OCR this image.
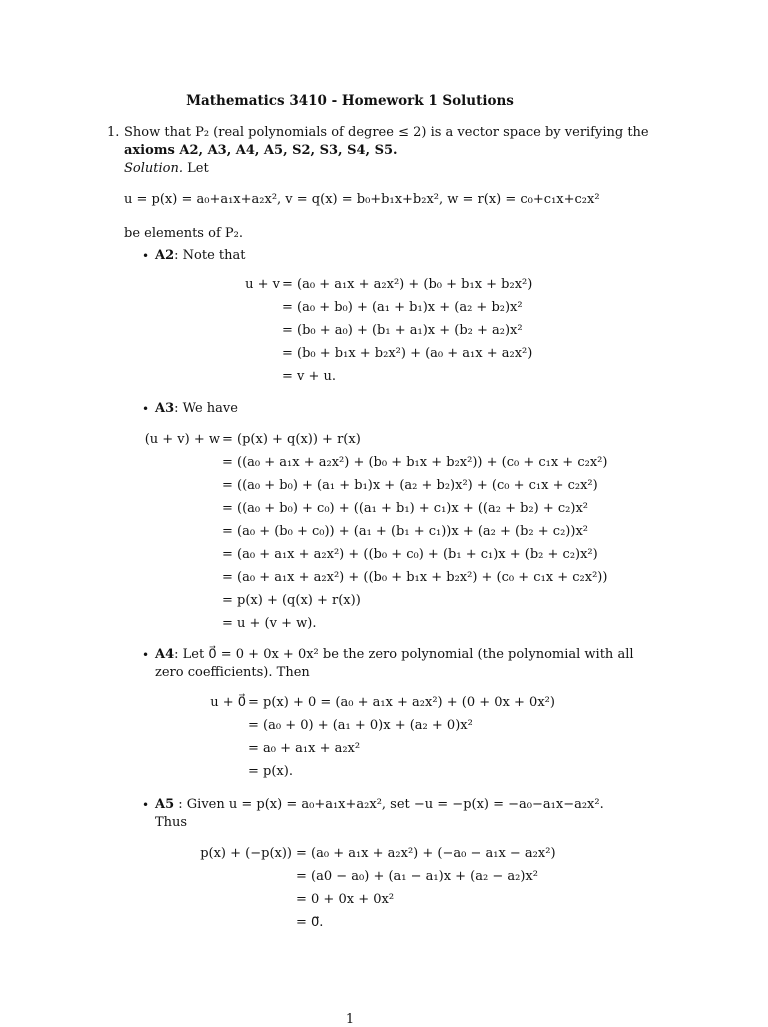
Mathematics 3410 - Homework 1 Solutions
1. Show that P₂ (real polynomials of degree ≤ 2) is a vector space by verifying the
axioms A2, A3, A4, A5, S2, S3, S4, S5.
Solution. Let
u = p(x) = a₀+a₁x+a₂x², v = q(x) = b₀+b₁x+b₂x², w = r(x) = c₀+c₁x+c₂x²
be elements of P₂.
• A2: Note that
u + v = (a₀ + a₁x + a₂x²) + (b₀ + b₁x + b₂x²)
= (a₀ + b₀) + (a₁ + b₁)x + (a₂ + b₂)x²
= (b₀ + a₀) + (b₁ + a₁)x + (b₂ + a₂)x²
= (b₀ + b₁x + b₂x²) + (a₀ + a₁x + a₂x²)
= v + u.
• A3: We have
(u + v) + w = (p(x) + q(x)) + r(x)
= ((a₀ + a₁x + a₂x²) + (b₀ + b₁x + b₂x²)) + (c₀ + c₁x + c₂x²)
= ((a₀ + b₀) + (a₁ + b₁)x + (a₂ + b₂)x²) + (c₀ + c₁x + c₂x²)
= ((a₀ + b₀) + c₀) + ((a₁ + b₁) + c₁)x + ((a₂ + b₂) + c₂)x²
= (a₀ + (b₀ + c₀)) + (a₁ + (b₁ + c₁))x + (a₂ + (b₂ + c₂))x²
= (a₀ + a₁x + a₂x²) + ((b₀ + c₀) + (b₁ + c₁)x + (b₂ + c₂)x²)
= (a₀ + a₁x + a₂x²) + ((b₀ + b₁x + b₂x²) + (c₀ + c₁x + c₂x²))
= p(x) + (q(x) + r(x))
= u + (v + w).
• A4: Let 0⃗ = 0 + 0x + 0x² be the zero polynomial (the polynomial with all
zero coefficients). Then
u + 0⃗ = p(x) + 0 = (a₀ + a₁x + a₂x²) + (0 + 0x + 0x²)
= (a₀ + 0) + (a₁ + 0)x + (a₂ + 0)x²
= a₀ + a₁x + a₂x²
= p(x).
• A5 : Given u = p(x) = a₀+a₁x+a₂x², set −u = −p(x) = −a₀−a₁x−a₂x².
Thus
p(x) + (−p(x)) = (a₀ + a₁x + a₂x²) + (−a₀ − a₁x − a₂x²)
= (a0 − a₀) + (a₁ − a₁)x + (a₂ − a₂)x²
= 0 + 0x + 0x²
= 0⃗.
1
